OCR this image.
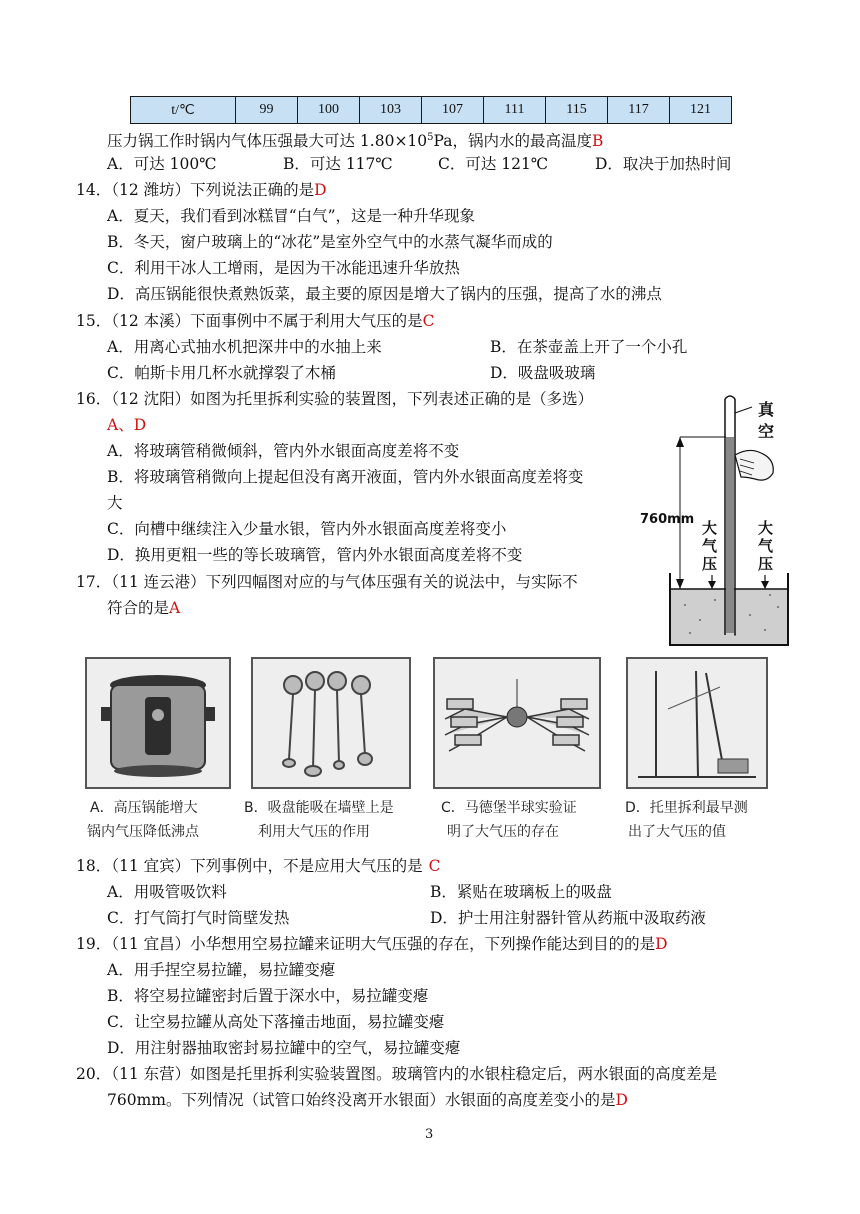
t/℃	99	100	103	107	111	115	117	121
压力锅工作时锅内气体压强最大可达 $1.80\times 10^5Pa$，锅内水的最高温度B
A．可达 100℃	B．可达 117℃	C．可达 121℃	D．取决于加热时间
14．（12 潍坊）下列说法正确的是D
A．夏天，我们看到冰糕冒“白气”，这是一种升华现象
B．冬天，窗户玻璃上的“冰花”是室外空气中的水蒸气凝华而成的
C．利用干冰人工增雨，是因为干冰能迅速升华放热
D．高压锅能很快煮熟饭菜，最主要的原因是增大了锅内的压强，提高了水的沸点
15．（12 本溪）下面事例中不属于利用大气压的是C
A．用离心式抽水机把深井中的水抽上来	B．在茶壶盖上开了一个小孔
C．帕斯卡用几杯水就撑裂了木桶	D．吸盘吸玻璃
16．（12 沈阳）如图为托里拆利实验的装置图，下列表述正确的是（多选）
A、D
A．将玻璃管稍微倾斜，管内外水银面高度差将不变
B．将玻璃管稍微向上提起但没有离开液面，管内外水银面高度差将变
大
C．向槽中继续注入少量水银，管内外水银面高度差将变小
D．换用更粗一些的等长玻璃管，管内外水银面高度差将不变
17．（11 连云港）下列四幅图对应的与气体压强有关的说法中，与实际不
符合的是A
真
空
760mm 大
气
压
大
气
压
A．高压锅能增大
锅内气压降低沸点
B．吸盘能吸在墙壁上是
利用大气压的作用
C．马德堡半球实验证
明了大气压的存在
D．托里拆利最早测
出了大气压的值
18．（11 宜宾）下列事例中，不是应用大气压的是 C
A．用吸管吸饮料	B．紧贴在玻璃板上的吸盘
C．打气筒打气时筒壁发热	D．护士用注射器针管从药瓶中汲取药液
19．（11 宜昌）小华想用空易拉罐来证明大气压强的存在，下列操作能达到目的的是D
A．用手捏空易拉罐，易拉罐变瘪
B．将空易拉罐密封后置于深水中，易拉罐变瘪
C．让空易拉罐从高处下落撞击地面，易拉罐变瘪
D．用注射器抽取密封易拉罐中的空气，易拉罐变瘪
20．（11 东营）如图是托里拆利实验装置图。玻璃管内的水银柱稳定后，两水银面的高度差是
760mm。下列情况（试管口始终没离开水银面）水银面的高度差变小的是D
3
